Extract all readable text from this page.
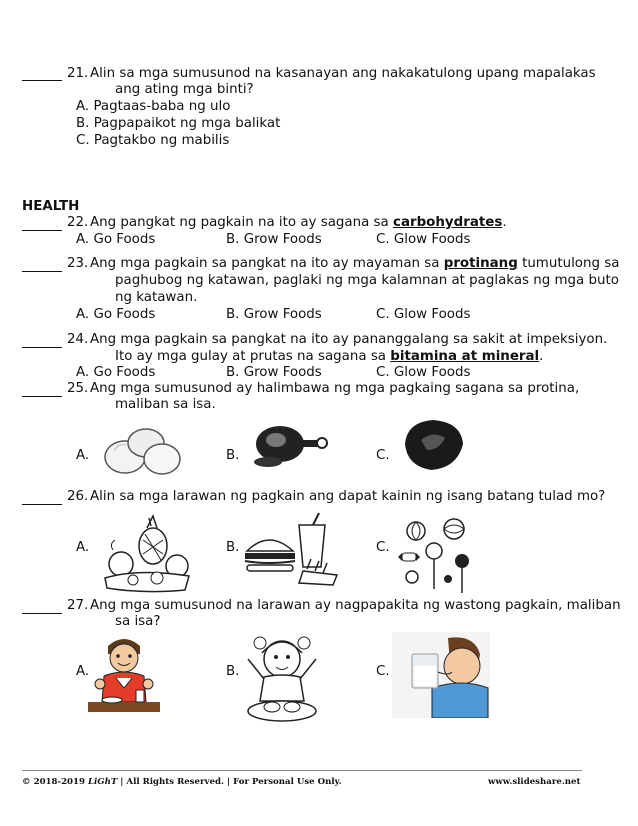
21. Alin sa mga sumusunod na kasanayan ang nakakatulong upang mapalakas
ang ating mga binti?
A. Pagtaas-baba ng ulo
B. Pagpapaikot ng mga balikat
C. Pagtakbo ng mabilis
HEALTH
22. Ang pangkat ng pagkain na ito ay sagana sa carbohydrates.
A. Go Foods	B. Grow Foods	C. Glow Foods
23. Ang mga pagkain sa pangkat na ito ay mayaman sa protinang tumutulong sa
paghubog ng katawan, paglaki ng mga kalamnan at paglakas ng mga buto
ng katawan.
A. Go Foods	B. Grow Foods	C. Glow Foods
24. Ang mga pagkain sa pangkat na ito ay pananggalang sa sakit at impeksiyon.
Ito ay mga gulay at prutas na sagana sa bitamina at mineral.
A. Go Foods	B. Grow Foods	C. Glow Foods
25. Ang mga sumusunod ay halimbawa ng mga pagkaing sagana sa protina,
maliban sa isa.
A.	B.	C.
26. Alin sa mga larawan ng pagkain ang dapat kainin ng isang batang tulad mo?
A.	B.	C.
27. Ang mga sumusunod na larawan ay nagpapakita ng wastong pagkain, maliban
sa isa?
A.	B.	C.
© 2018-2019 LiGhT | All Rights Reserved. | For Personal Use Only.	www.slideshare.net
